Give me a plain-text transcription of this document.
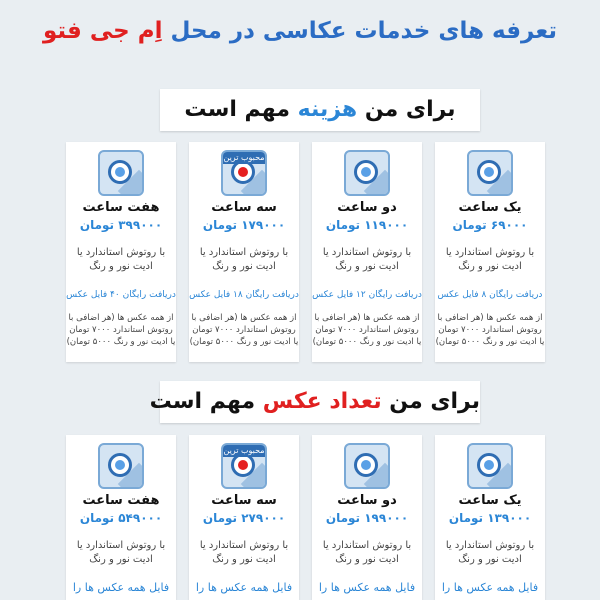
تعرفه های خدمات عکاسی در محل اِم جی فتو
برای من هزینه مهم است
یک ساعت
۶۹۰۰۰ تومان
با روتوش استاندارد یا ادیت نور و رنگ
دریافت رایگان ۸ فایل عکس
از همه عکس ها (هر اضافی با روتوش استاندارد ۷۰۰۰ تومان یا ادیت نور و رنگ ۵۰۰۰ تومان)
دو ساعت
۱۱۹۰۰۰ تومان
با روتوش استاندارد یا ادیت نور و رنگ
دریافت رایگان ۱۲ فایل عکس
از همه عکس ها (هر اضافی با روتوش استاندارد ۷۰۰۰ تومان یا ادیت نور و رنگ ۵۰۰۰ تومان)
محبوب ترین
سه ساعت
۱۷۹۰۰۰ تومان
با روتوش استاندارد یا ادیت نور و رنگ
دریافت رایگان ۱۸ فایل عکس
از همه عکس ها (هر اضافی با روتوش استاندارد ۷۰۰۰ تومان یا ادیت نور و رنگ ۵۰۰۰ تومان)
هفت ساعت
۳۹۹۰۰۰ تومان
با روتوش استاندارد یا ادیت نور و رنگ
دریافت رایگان ۴۰ فایل عکس
از همه عکس ها (هر اضافی با روتوش استاندارد ۷۰۰۰ تومان یا ادیت نور و رنگ ۵۰۰۰ تومان)
برای من تعداد عکس مهم است
یک ساعت
۱۳۹۰۰۰ تومان
با روتوش استاندارد یا ادیت نور و رنگ
فایل همه عکس ها را
دو ساعت
۱۹۹۰۰۰ تومان
با روتوش استاندارد یا ادیت نور و رنگ
فایل همه عکس ها را
محبوب ترین
سه ساعت
۲۷۹۰۰۰ تومان
با روتوش استاندارد یا ادیت نور و رنگ
فایل همه عکس ها را
هفت ساعت
۵۴۹۰۰۰ تومان
با روتوش استاندارد یا ادیت نور و رنگ
فایل همه عکس ها را
